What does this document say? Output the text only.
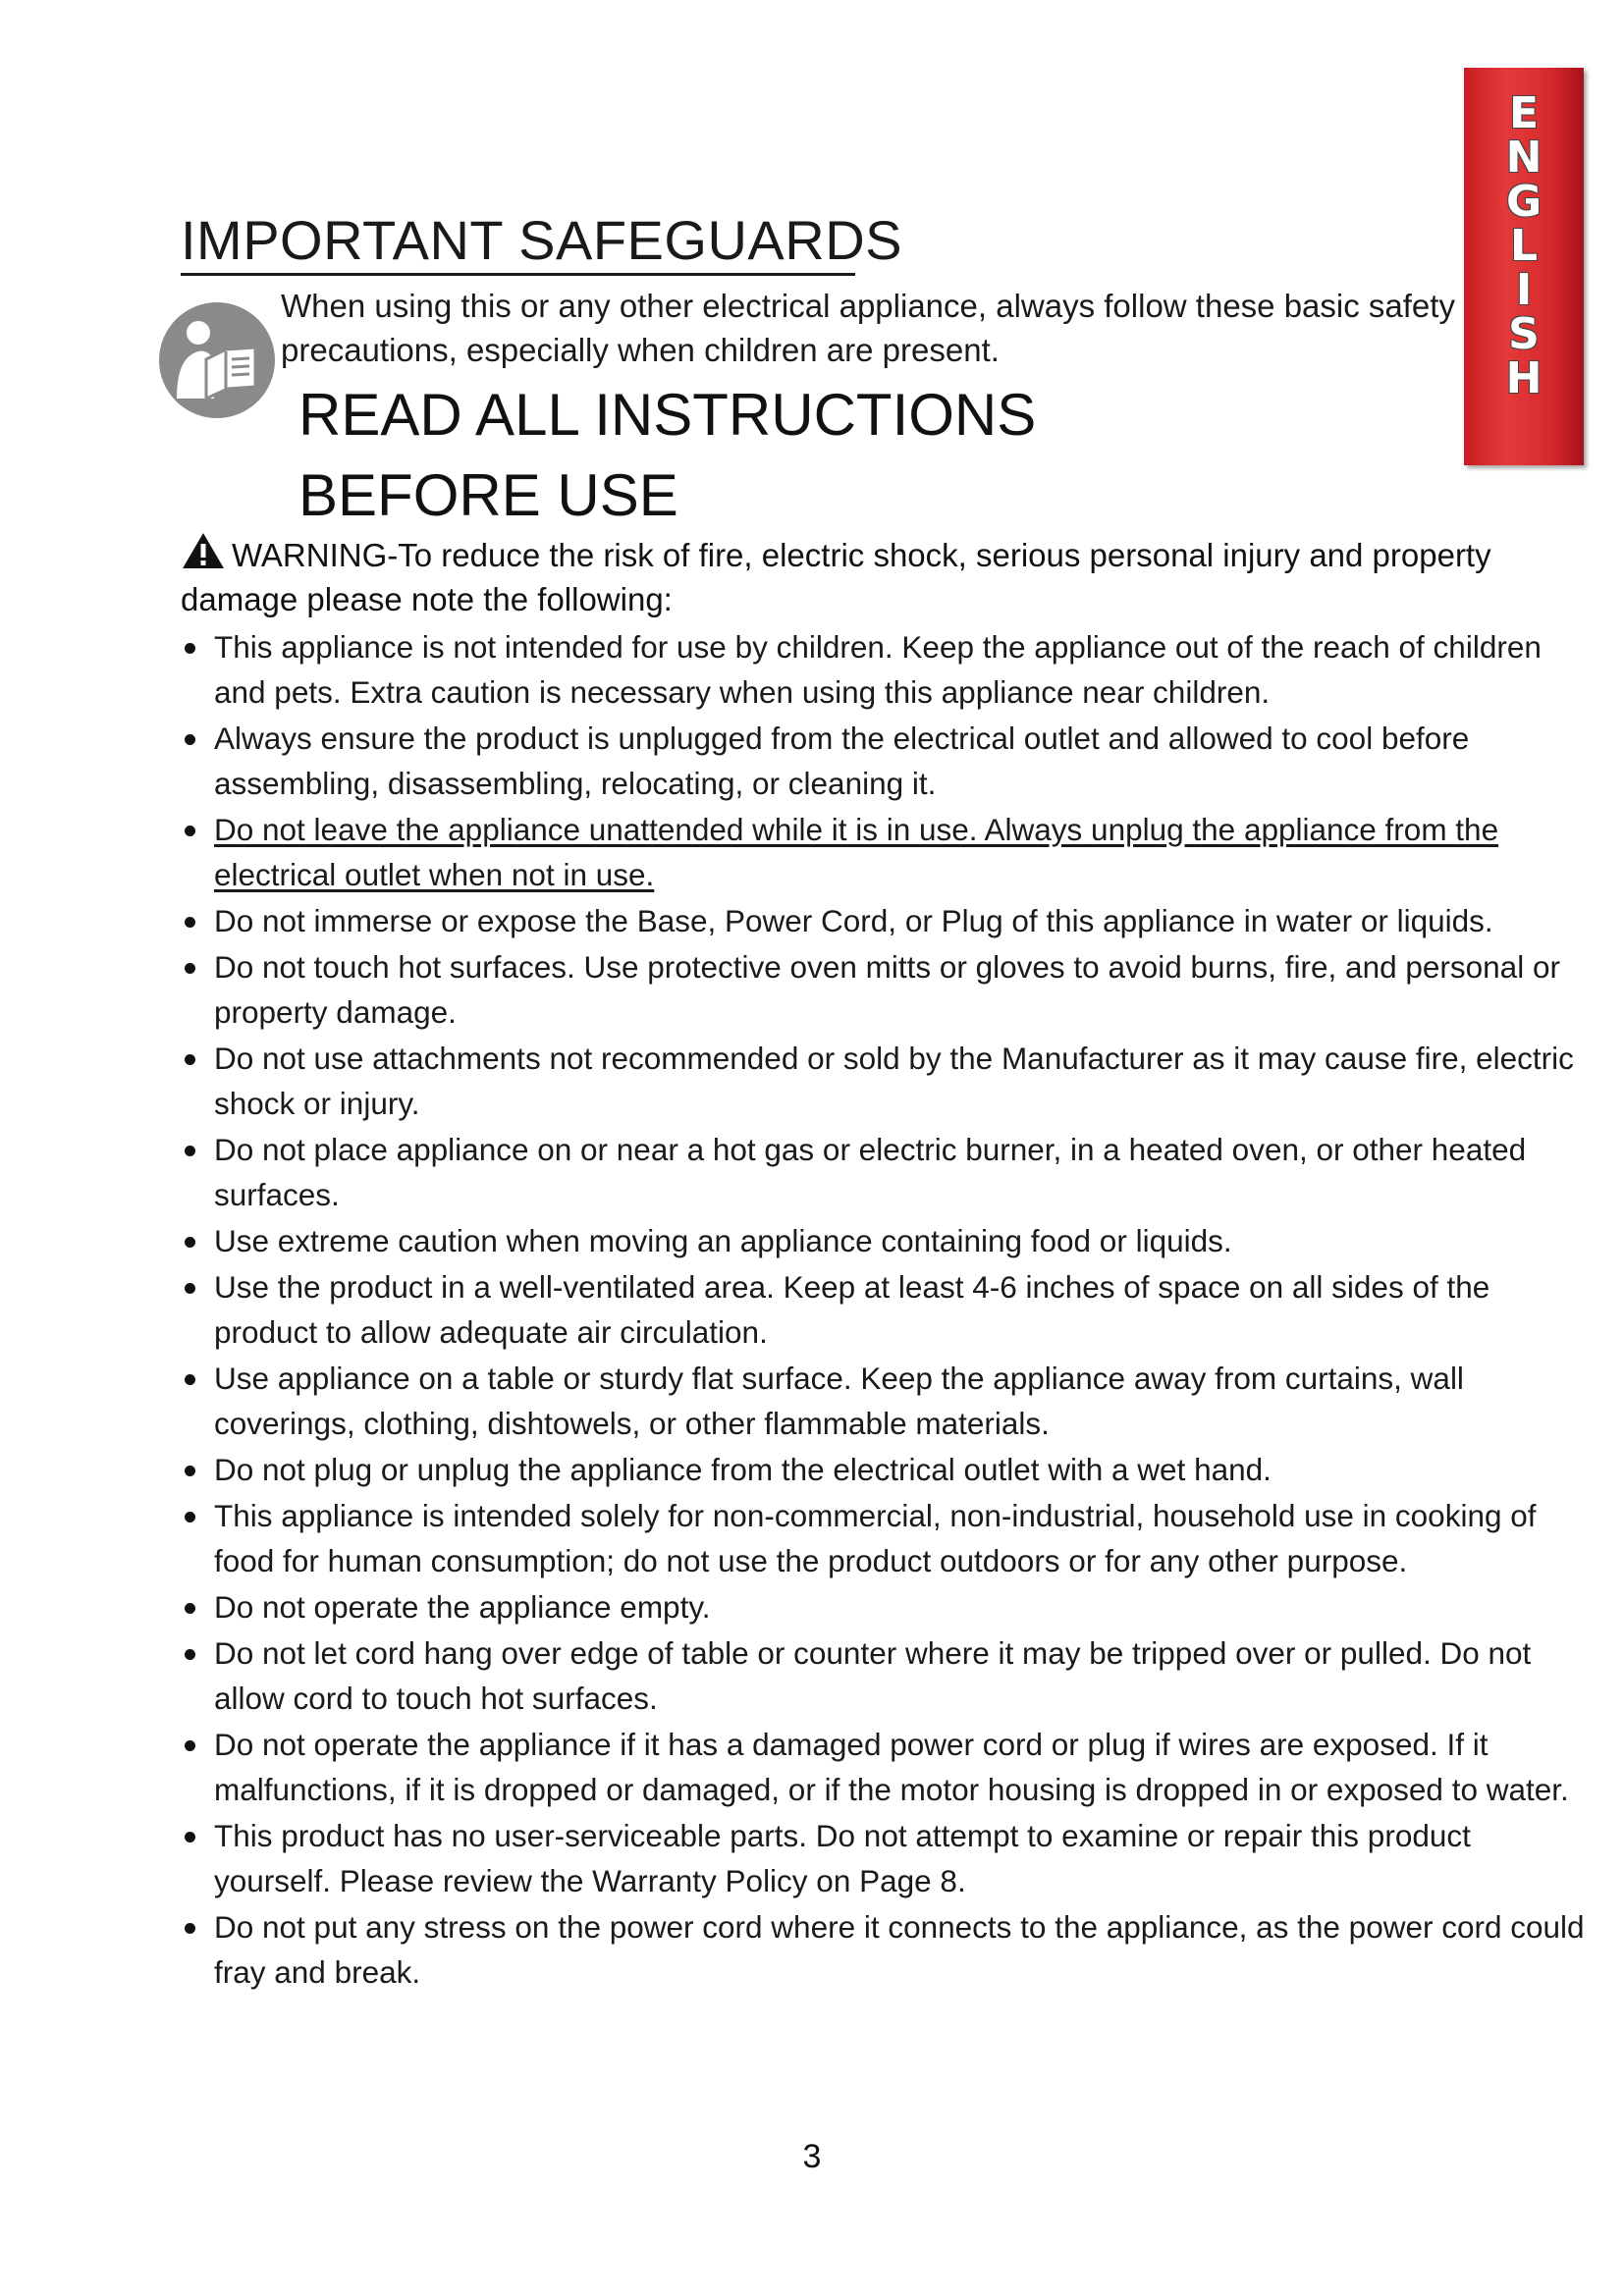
E
N
G
L
I
S
H
IMPORTANT SAFEGUARDS
When using this or any other electrical appliance, always follow these basic safety precautions, especially when children are present.
READ ALL INSTRUCTIONS
BEFORE USE
WARNING-To reduce the risk of fire, electric shock, serious personal injury and property damage please note the following:
This appliance is not intended for use by children. Keep the appliance out of the reach of children and pets. Extra caution is necessary when using this appliance near children.
Always ensure the product is unplugged from the electrical outlet and allowed to cool before assembling, disassembling, relocating, or cleaning it.
Do not leave the appliance unattended while it is in use. Always unplug the appliance from the electrical outlet when not in use.
Do not immerse or expose the Base, Power Cord, or Plug of this appliance in water or liquids.
Do not touch hot surfaces. Use protective oven mitts or gloves to avoid burns, fire, and personal or property damage.
Do not use attachments not recommended or sold by the Manufacturer as it may cause fire, electric shock or injury.
Do not place appliance on or near a hot gas or electric burner, in a heated oven, or other heated surfaces.
Use extreme caution when moving an appliance containing food or liquids.
Use the product in a well-ventilated area. Keep at least 4-6 inches of space on all sides of the product to allow adequate air circulation.
Use appliance on a table or sturdy flat surface. Keep the appliance away from curtains, wall coverings, clothing, dishtowels, or other flammable materials.
Do not plug or unplug the appliance from the electrical outlet with a wet hand.
This appliance is intended solely for non-commercial, non-industrial, household use in cooking of food for human consumption; do not use the product outdoors or for any other purpose.
Do not operate the appliance empty.
Do not let cord hang over edge of table or counter where it may be tripped over or pulled. Do not allow cord to touch hot surfaces.
Do not operate the appliance if it has a damaged power cord or plug if wires are exposed. If it malfunctions, if it is dropped or damaged, or if the motor housing is dropped in or exposed to water.
This product has no user-serviceable parts. Do not attempt to examine or repair this product yourself. Please review the Warranty Policy on Page 8.
Do not put any stress on the power cord where it connects to the appliance, as the power cord could fray and break.
3
